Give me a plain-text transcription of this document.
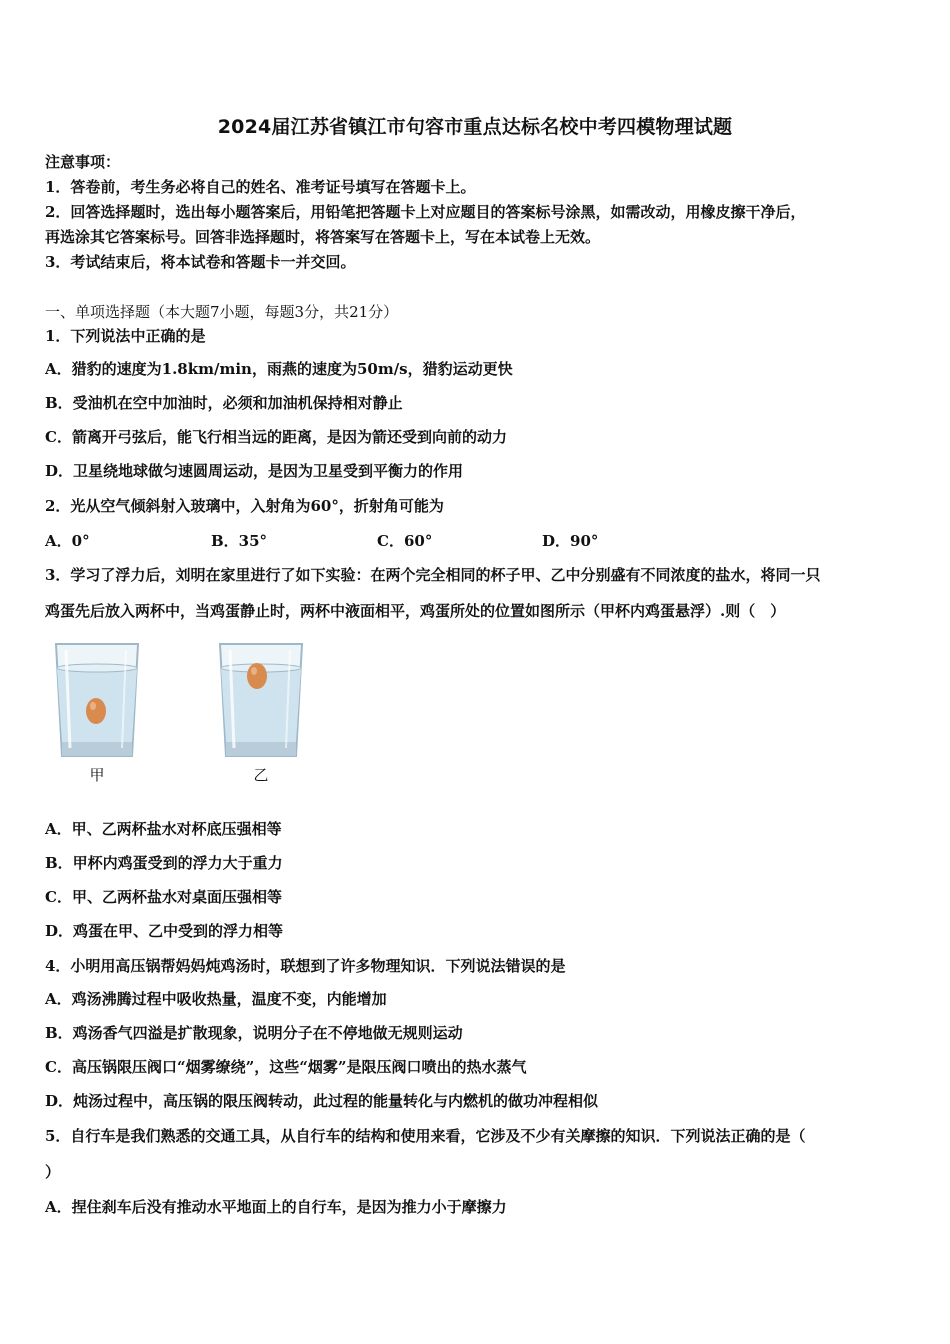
2024届江苏省镇江市句容市重点达标名校中考四模物理试题
注意事项：
1．答卷前，考生务必将自己的姓名、准考证号填写在答题卡上。
2．回答选择题时，选出每小题答案后，用铅笔把答题卡上对应题目的答案标号涂黑，如需改动，用橡皮擦干净后，
再选涂其它答案标号。回答非选择题时，将答案写在答题卡上，写在本试卷上无效。
3．考试结束后，将本试卷和答题卡一并交回。
一、单项选择题（本大题7小题，每题3分，共21分）
1．下列说法中正确的是
A．猎豹的速度为1.8km/min，雨燕的速度为50m/s，猎豹运动更快
B．受油机在空中加油时，必须和加油机保持相对静止
C．箭离开弓弦后，能飞行相当远的距离，是因为箭还受到向前的动力
D．卫星绕地球做匀速圆周运动，是因为卫星受到平衡力的作用
2．光从空气倾斜射入玻璃中，入射角为60°，折射角可能为
A．0°	B．35°	C．60°	D．90°
3．学习了浮力后，刘明在家里进行了如下实验：在两个完全相同的杯子甲、乙中分别盛有不同浓度的盐水，将同一只
鸡蛋先后放入两杯中，当鸡蛋静止时，两杯中液面相平，鸡蛋所处的位置如图所示（甲杯内鸡蛋悬浮）.则（　）
甲	乙
A．甲、乙两杯盐水对杯底压强相等
B．甲杯内鸡蛋受到的浮力大于重力
C．甲、乙两杯盐水对桌面压强相等
D．鸡蛋在甲、乙中受到的浮力相等
4．小明用高压锅帮妈妈炖鸡汤时，联想到了许多物理知识．下列说法错误的是
A．鸡汤沸腾过程中吸收热量，温度不变，内能增加
B．鸡汤香气四溢是扩散现象，说明分子在不停地做无规则运动
C．高压锅限压阀口“烟雾缭绕”，这些“烟雾”是限压阀口喷出的热水蒸气
D．炖汤过程中，高压锅的限压阀转动，此过程的能量转化与内燃机的做功冲程相似
5．自行车是我们熟悉的交通工具，从自行车的结构和使用来看，它涉及不少有关摩擦的知识．下列说法正确的是（
）
A．捏住刹车后没有推动水平地面上的自行车，是因为推力小于摩擦力
